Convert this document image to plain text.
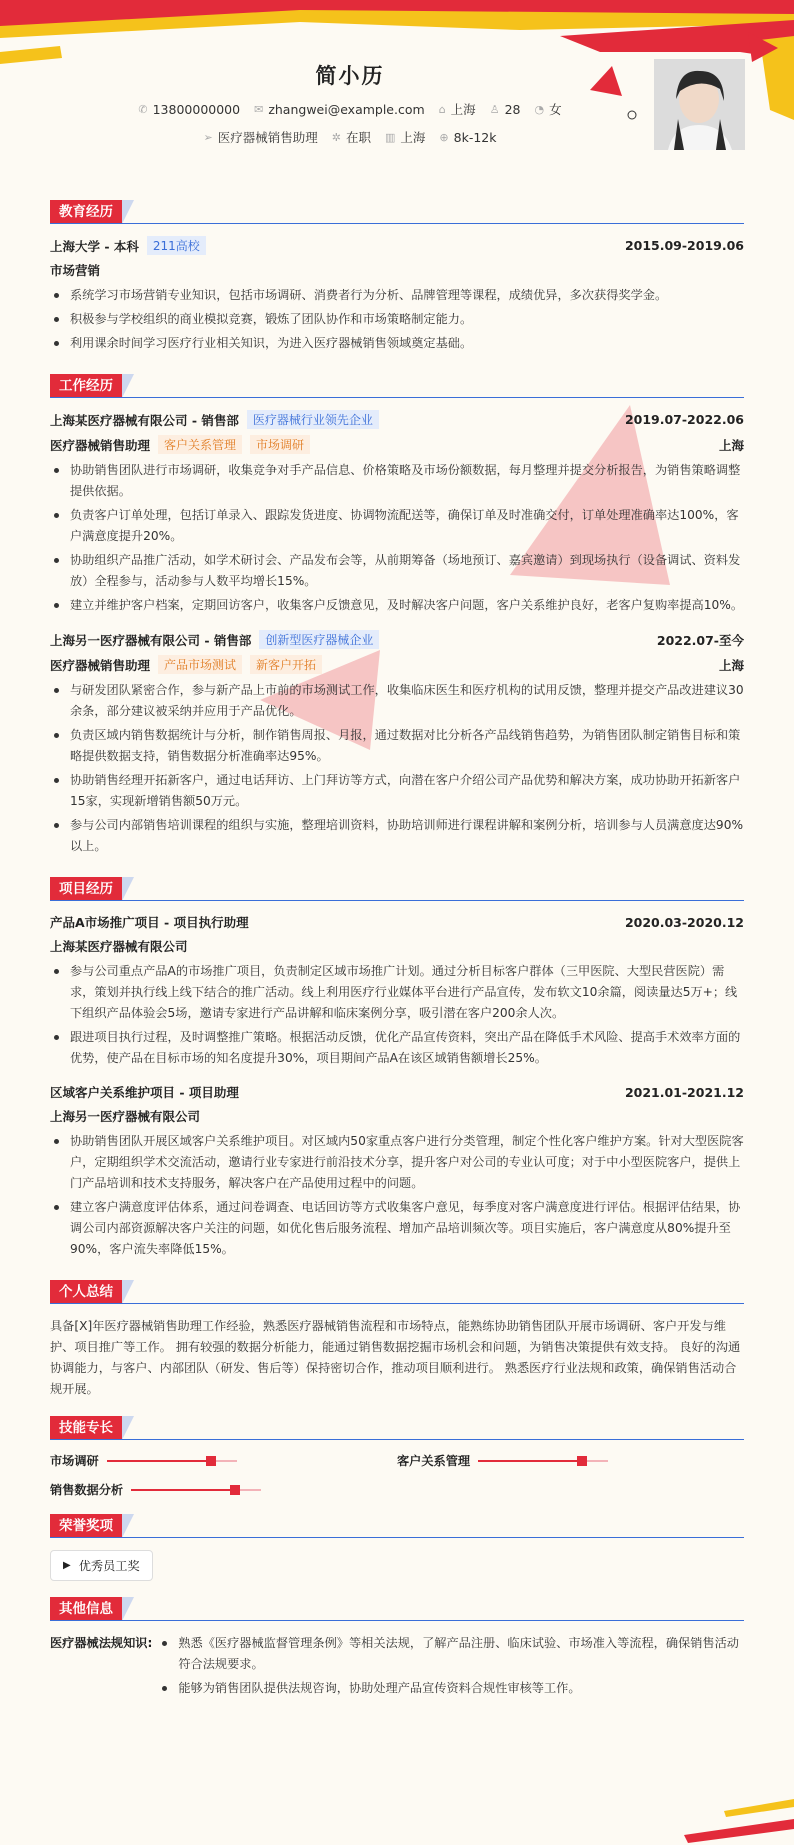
简小历
✆ 13800000000 ✉ zhangwei@example.com ⌂ 上海 ♙ 28 ◔ 女
➢ 医疗器械销售助理 ✲ 在职 ▥ 上海 ⊕ 8k-12k
教育经历
上海大学 - 本科	211高校	2015.09-2019.06
市场营销
系统学习市场营销专业知识，包括市场调研、消费者行为分析、品牌管理等课程，成绩优异，多次获得奖学金。
积极参与学校组织的商业模拟竞赛，锻炼了团队协作和市场策略制定能力。
利用课余时间学习医疗行业相关知识，为进入医疗器械销售领域奠定基础。
工作经历
上海某医疗器械有限公司 - 销售部	医疗器械行业领先企业	2019.07-2022.06
医疗器械销售助理	客户关系管理	市场调研	上海
协助销售团队进行市场调研，收集竞争对手产品信息、价格策略及市场份额数据，每月整理并提交分析报告，为销售策略调整提供依据。
负责客户订单处理，包括订单录入、跟踪发货进度、协调物流配送等，确保订单及时准确交付，订单处理准确率达100%，客户满意度提升20%。
协助组织产品推广活动，如学术研讨会、产品发布会等，从前期筹备（场地预订、嘉宾邀请）到现场执行（设备调试、资料发放）全程参与，活动参与人数平均增长15%。
建立并维护客户档案，定期回访客户，收集客户反馈意见，及时解决客户问题，客户关系维护良好，老客户复购率提高10%。
上海另一医疗器械有限公司 - 销售部	创新型医疗器械企业	2022.07-至今
医疗器械销售助理	产品市场测试	新客户开拓	上海
与研发团队紧密合作，参与新产品上市前的市场测试工作，收集临床医生和医疗机构的试用反馈，整理并提交产品改进建议30余条，部分建议被采纳并应用于产品优化。
负责区域内销售数据统计与分析，制作销售周报、月报，通过数据对比分析各产品线销售趋势，为销售团队制定销售目标和策略提供数据支持，销售数据分析准确率达95%。
协助销售经理开拓新客户，通过电话拜访、上门拜访等方式，向潜在客户介绍公司产品优势和解决方案，成功协助开拓新客户15家，实现新增销售额50万元。
参与公司内部销售培训课程的组织与实施，整理培训资料，协助培训师进行课程讲解和案例分析，培训参与人员满意度达90%以上。
项目经历
产品A市场推广项目 - 项目执行助理	2020.03-2020.12
上海某医疗器械有限公司
参与公司重点产品A的市场推广项目，负责制定区域市场推广计划。通过分析目标客户群体（三甲医院、大型民营医院）需求，策划并执行线上线下结合的推广活动。线上利用医疗行业媒体平台进行产品宣传，发布软文10余篇，阅读量达5万+；线下组织产品体验会5场，邀请专家进行产品讲解和临床案例分享，吸引潜在客户200余人次。
跟进项目执行过程，及时调整推广策略。根据活动反馈，优化产品宣传资料，突出产品在降低手术风险、提高手术效率方面的优势，使产品在目标市场的知名度提升30%，项目期间产品A在该区域销售额增长25%。
区域客户关系维护项目 - 项目助理	2021.01-2021.12
上海另一医疗器械有限公司
协助销售团队开展区域客户关系维护项目。对区域内50家重点客户进行分类管理，制定个性化客户维护方案。针对大型医院客户，定期组织学术交流活动，邀请行业专家进行前沿技术分享，提升客户对公司的专业认可度；对于中小型医院客户，提供上门产品培训和技术支持服务，解决客户在产品使用过程中的问题。
建立客户满意度评估体系，通过问卷调查、电话回访等方式收集客户意见，每季度对客户满意度进行评估。根据评估结果，协调公司内部资源解决客户关注的问题，如优化售后服务流程、增加产品培训频次等。项目实施后，客户满意度从80%提升至90%，客户流失率降低15%。
个人总结
具备[X]年医疗器械销售助理工作经验，熟悉医疗器械销售流程和市场特点，能熟练协助销售团队开展市场调研、客户开发与维护、项目推广等工作。 拥有较强的数据分析能力，能通过销售数据挖掘市场机会和问题，为销售决策提供有效支持。 良好的沟通协调能力，与客户、内部团队（研发、售后等）保持密切合作，推动项目顺利进行。 熟悉医疗行业法规和政策，确保销售活动合规开展。
技能专长
市场调研	客户关系管理
销售数据分析
荣誉奖项
▶ 优秀员工奖
其他信息
医疗器械法规知识:	熟悉《医疗器械监督管理条例》等相关法规，了解产品注册、临床试验、市场准入等流程，确保销售活动符合法规要求。
能够为销售团队提供法规咨询，协助处理产品宣传资料合规性审核等工作。
